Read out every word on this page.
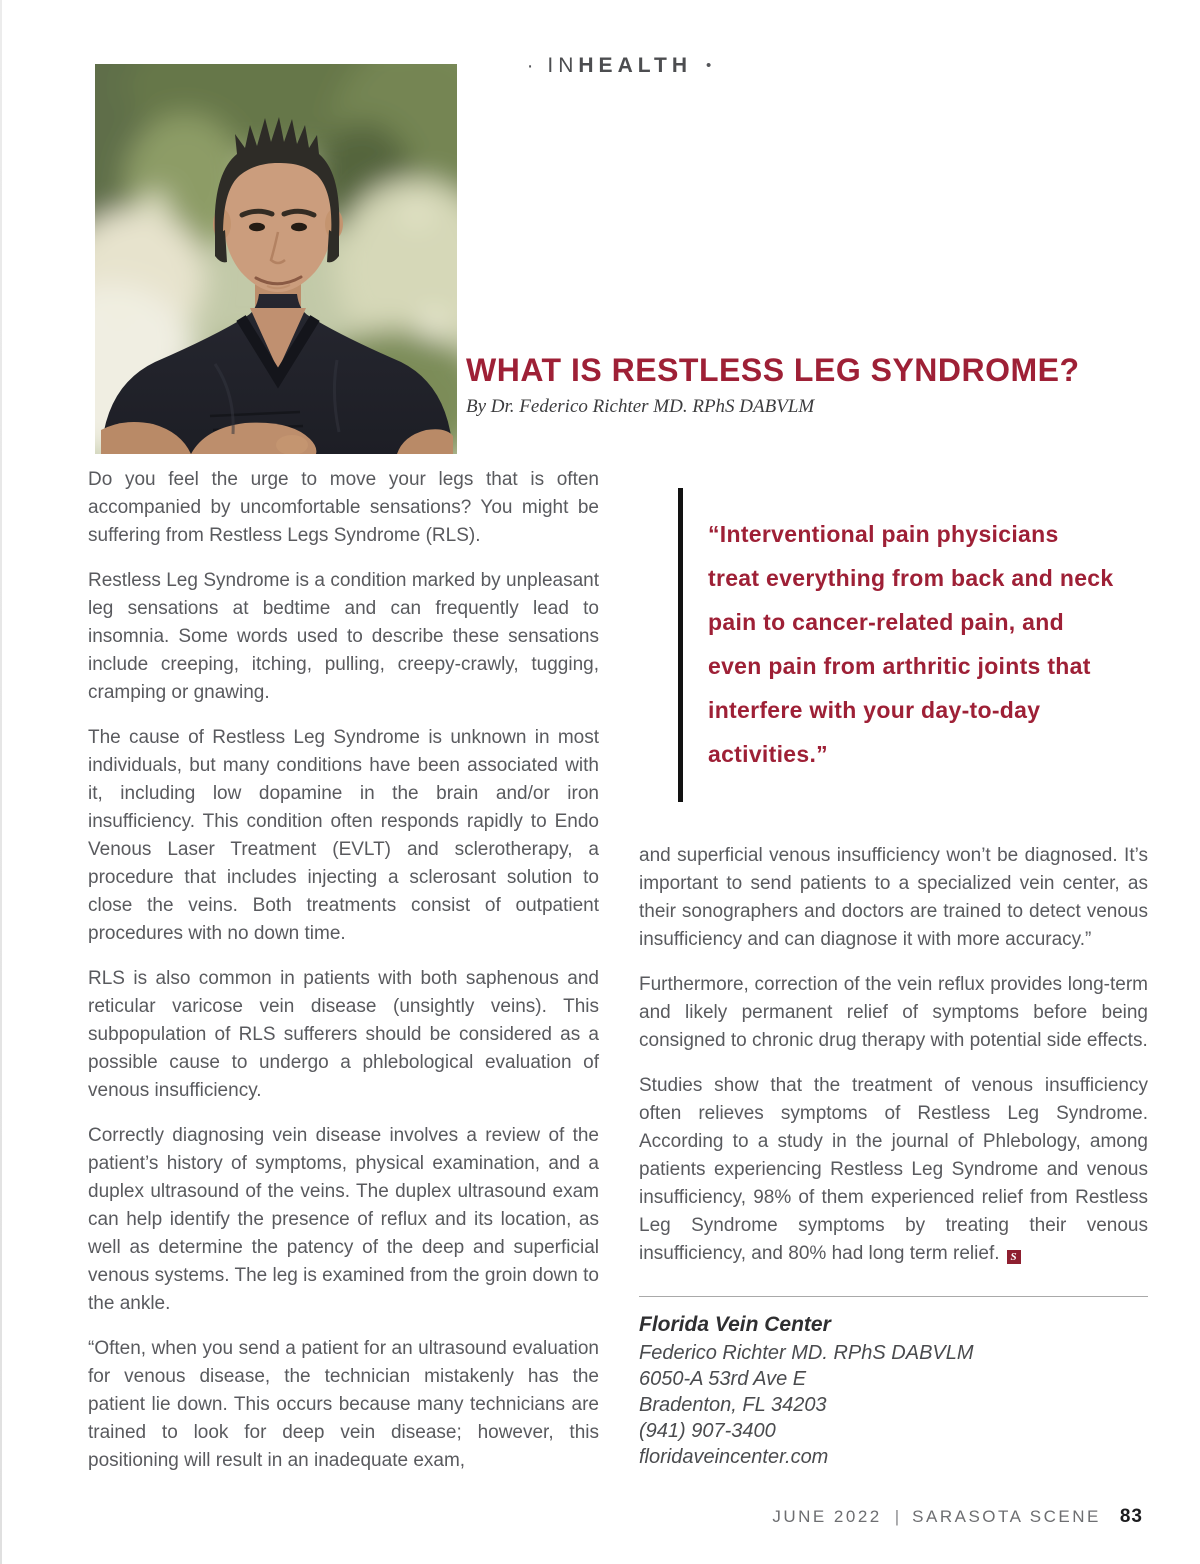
· INHEALTH •
WHAT IS RESTLESS LEG SYNDROME?
By Dr. Federico Richter MD. RPhS DABVLM

Do you feel the urge to move your legs that is often accompanied by uncomfortable sensations? You might be suffering from Restless Legs Syndrome (RLS).

Restless Leg Syndrome is a condition marked by unpleasant leg sensations at bedtime and can frequently lead to insomnia. Some words used to describe these sensations include creeping, itching, pulling, creepy-crawly, tugging, cramping or gnawing.

The cause of Restless Leg Syndrome is unknown in most individuals, but many conditions have been associated with it, including low dopamine in the brain and/or iron insufficiency. This condition often responds rapidly to Endo Venous Laser Treatment (EVLT) and sclerotherapy, a procedure that includes injecting a sclerosant solution to close the veins. Both treatments consist of outpatient procedures with no down time.

RLS is also common in patients with both saphenous and reticular varicose vein disease (unsightly veins). This subpopulation of RLS sufferers should be considered as a possible cause to undergo a phlebological evaluation of venous insufficiency.

Correctly diagnosing vein disease involves a review of the patient’s history of symptoms, physical examination, and a duplex ultrasound of the veins. The duplex ultrasound exam can help identify the presence of reflux and its location, as well as determine the patency of the deep and superficial venous systems. The leg is examined from the groin down to the ankle.

“Often, when you send a patient for an ultrasound evaluation for venous disease, the technician mistakenly has the patient lie down. This occurs because many technicians are trained to look for deep vein disease; however, this positioning will result in an inadequate exam,

“Interventional pain physicians treat everything from back and neck pain to cancer-related pain, and even pain from arthritic joints that interfere with your day-to-day activities.”

and superficial venous insufficiency won’t be diagnosed. It’s important to send patients to a specialized vein center, as their sonographers and doctors are trained to detect venous insufficiency and can diagnose it with more accuracy.”

Furthermore, correction of the vein reflux provides long-term and likely permanent relief of symptoms before being consigned to chronic drug therapy with potential side effects.

Studies show that the treatment of venous insufficiency often relieves symptoms of Restless Leg Syndrome. According to a study in the journal of Phlebology, among patients experiencing Restless Leg Syndrome and venous insufficiency, 98% of them experienced relief from Restless Leg Syndrome symptoms by treating their venous insufficiency, and 80% had long term relief. S

Florida Vein Center
Federico Richter MD. RPhS DABVLM
6050-A 53rd Ave E
Bradenton, FL 34203
(941) 907-3400
floridaveincenter.com
JUNE 2022 | SARASOTA SCENE 83
